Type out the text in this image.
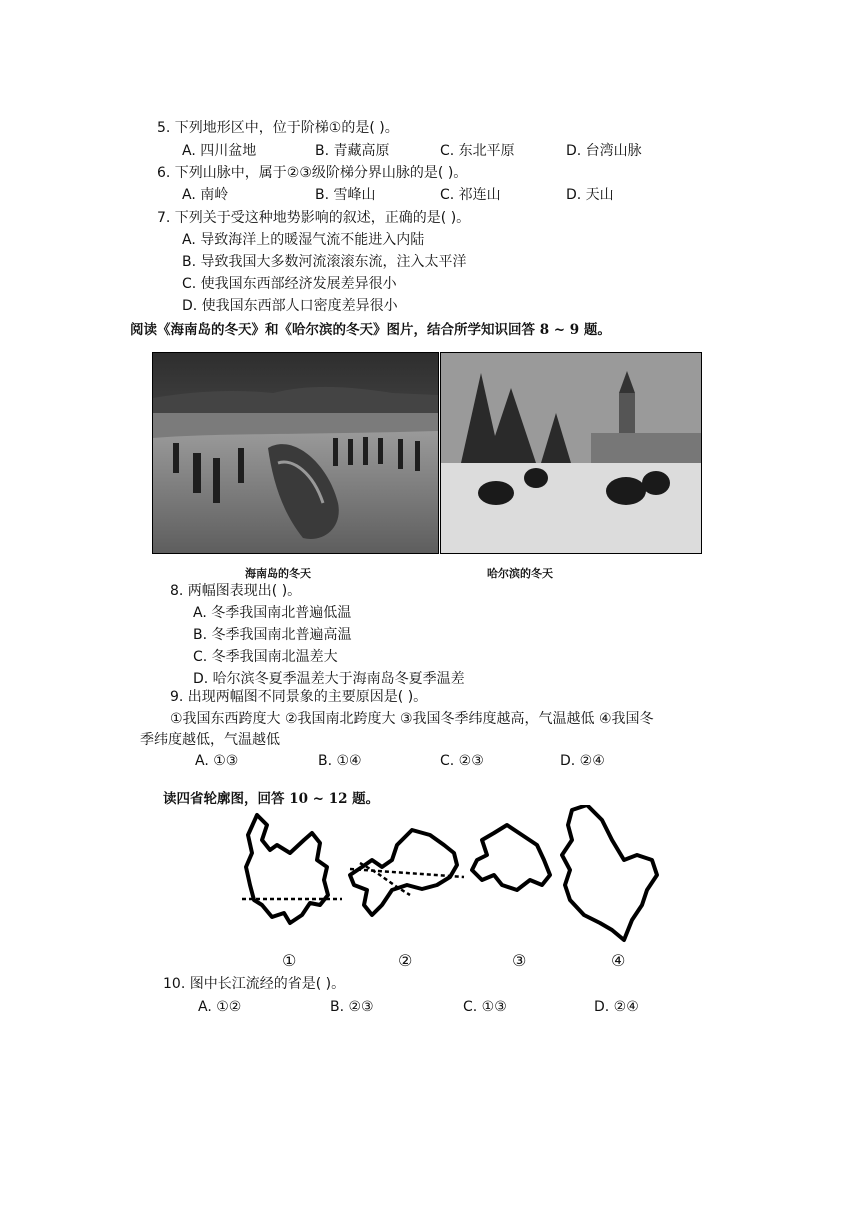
5. 下列地形区中，位于阶梯①的是( )。
A. 四川盆地	B. 青藏高原	C. 东北平原	D. 台湾山脉
6. 下列山脉中，属于②③级阶梯分界山脉的是( )。
A. 南岭	B. 雪峰山	C. 祁连山	D. 天山
7. 下列关于受这种地势影响的叙述，正确的是( )。
A. 导致海洋上的暖湿气流不能进入内陆
B. 导致我国大多数河流滚滚东流，注入太平洋
C. 使我国东西部经济发展差异很小
D. 使我国东西部人口密度差异很小
阅读《海南岛的冬天》和《哈尔滨的冬天》图片，结合所学知识回答 8 ~ 9 题。
海南岛的冬天	哈尔滨的冬天
8. 两幅图表现出( )。
A. 冬季我国南北普遍低温
B. 冬季我国南北普遍高温
C. 冬季我国南北温差大
D. 哈尔滨冬夏季温差大于海南岛冬夏季温差
9. 出现两幅图不同景象的主要原因是( )。
①我国东西跨度大 ②我国南北跨度大 ③我国冬季纬度越高，气温越低 ④我国冬
季纬度越低，气温越低
A. ①③	B. ①④	C. ②③	D. ②④
读四省轮廓图，回答 10 ~ 12 题。
①	②	③	④
10. 图中长江流经的省是( )。
A. ①②	B. ②③	C. ①③	D. ②④
